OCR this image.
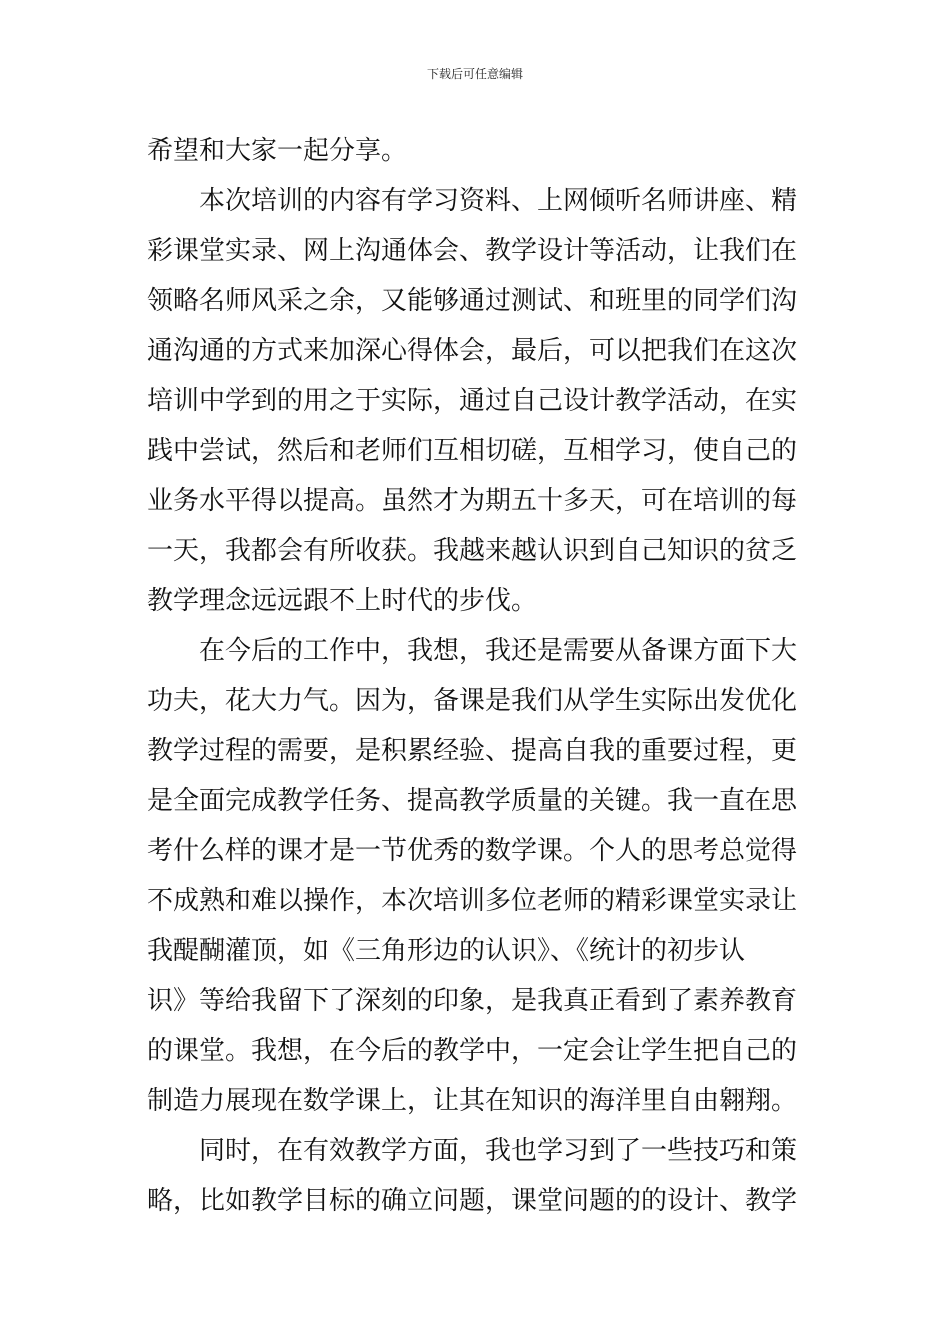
下载后可任意编辑
希望和大家一起分享。
本次培训的内容有学习资料、上网倾听名师讲座、精
彩课堂实录、网上沟通体会、教学设计等活动，让我们在
领略名师风采之余，又能够通过测试、和班里的同学们沟
通沟通的方式来加深心得体会，最后，可以把我们在这次
培训中学到的用之于实际，通过自己设计教学活动，在实
践中尝试，然后和老师们互相切磋，互相学习，使自己的
业务水平得以提高。虽然才为期五十多天，可在培训的每
一天，我都会有所收获。我越来越认识到自己知识的贫乏
教学理念远远跟不上时代的步伐。
在今后的工作中，我想，我还是需要从备课方面下大
功夫，花大力气。因为，备课是我们从学生实际出发优化
教学过程的需要，是积累经验、提高自我的重要过程，更
是全面完成教学任务、提高教学质量的关键。我一直在思
考什么样的课才是一节优秀的数学课。个人的思考总觉得
不成熟和难以操作，本次培训多位老师的精彩课堂实录让
我醍醐灌顶，如《三角形边的认识》、《统计的初步认
识》等给我留下了深刻的印象，是我真正看到了素养教育
的课堂。我想，在今后的教学中，一定会让学生把自己的
制造力展现在数学课上，让其在知识的海洋里自由翱翔。
同时，在有效教学方面，我也学习到了一些技巧和策
略，比如教学目标的确立问题，课堂问题的的设计、教学
